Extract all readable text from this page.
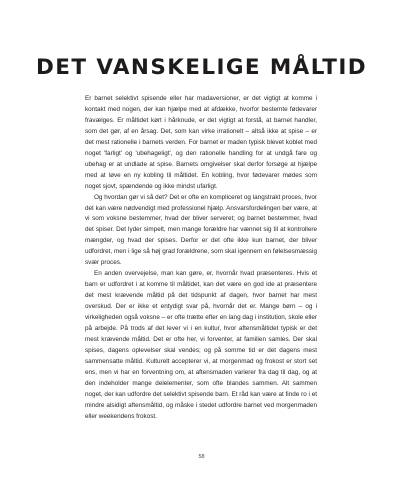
DET VANSKELIGE MÅLTID

Er barnet selektivt spisende eller har madaversioner, er det vigtigt at komme i kontakt med nogen, der kan hjælpe med at afdække, hvorfor bestemte fødevarer fravælges. Er måltidet kørt i hårknude, er det vigtigt at forstå, at barnet handler, som det gør, af en årsag. Det, som kan virke irrationelt – altså ikke at spise – er det mest rationelle i barnets verden. For barnet er maden typisk blevet koblet med noget 'farligt' og 'ubehageligt', og den rationelle handling for at undgå fare og ubehag er at undlade at spise. Barnets omgivelser skal derfor forsøge at hjælpe med at løve en ny kobling til måltidet. En kobling, hvor fødevarer mødes som noget sjovt, spændende og ikke mindst ufarligt.

Og hvordan gør vi så det? Det er ofte en kompliceret og langstrakt proces, hvor det kan være nødvendigt med professionel hjælp. Ansvarsfordelingen bør være, at vi som voksne bestemmer, hvad der bliver serveret; og barnet bestemmer, hvad det spiser. Det lyder simpelt, men mange forældre har vænnet sig til at kontrollere mængder, og hvad der spises. Derfor er det ofte ikke kun barnet, der bliver udfordret, men i lige så høj grad forældrene, som skal igennem en følelsesmæssig svær proces.

En anden overvejelse, man kan gøre, er, hvornår hvad præsenteres. Hvis et barn er udfordret i at komme til måltidet, kan det være en god ide at præsentere det mest krævende måltid på det tidspunkt af dagen, hvor barnet har mest overskud. Der er ikke et entydigt svar på, hvornår det er. Mange børn – og i virkeligheden også voksne – er ofte trætte efter en lang dag i institution, skole eller på arbejde. På trods af det lever vi i en kultur, hvor aftensmåltidet typisk er det mest krævende måltid. Det er ofte her, vi forventer, at familien samles. Der skal spises, dagens oplevelser skal vendes; og på somme tid er det dagens mest sammensatte måltid. Kulturelt accepterer vi, at morgenmad og frokost er stort set ens, men vi har en forventning om, at aftensmaden varierer fra dag til dag, og at den indeholder mange delelementer, som ofte blandes sammen. Alt sammen noget, der kan udfordre det selektivt spisende barn. Et råd kan være at finde ro i et mindre alsidigt aftensmåltid, og måske i stedet udfordre barnet ved morgenmaden eller weekendens frokost.

58
